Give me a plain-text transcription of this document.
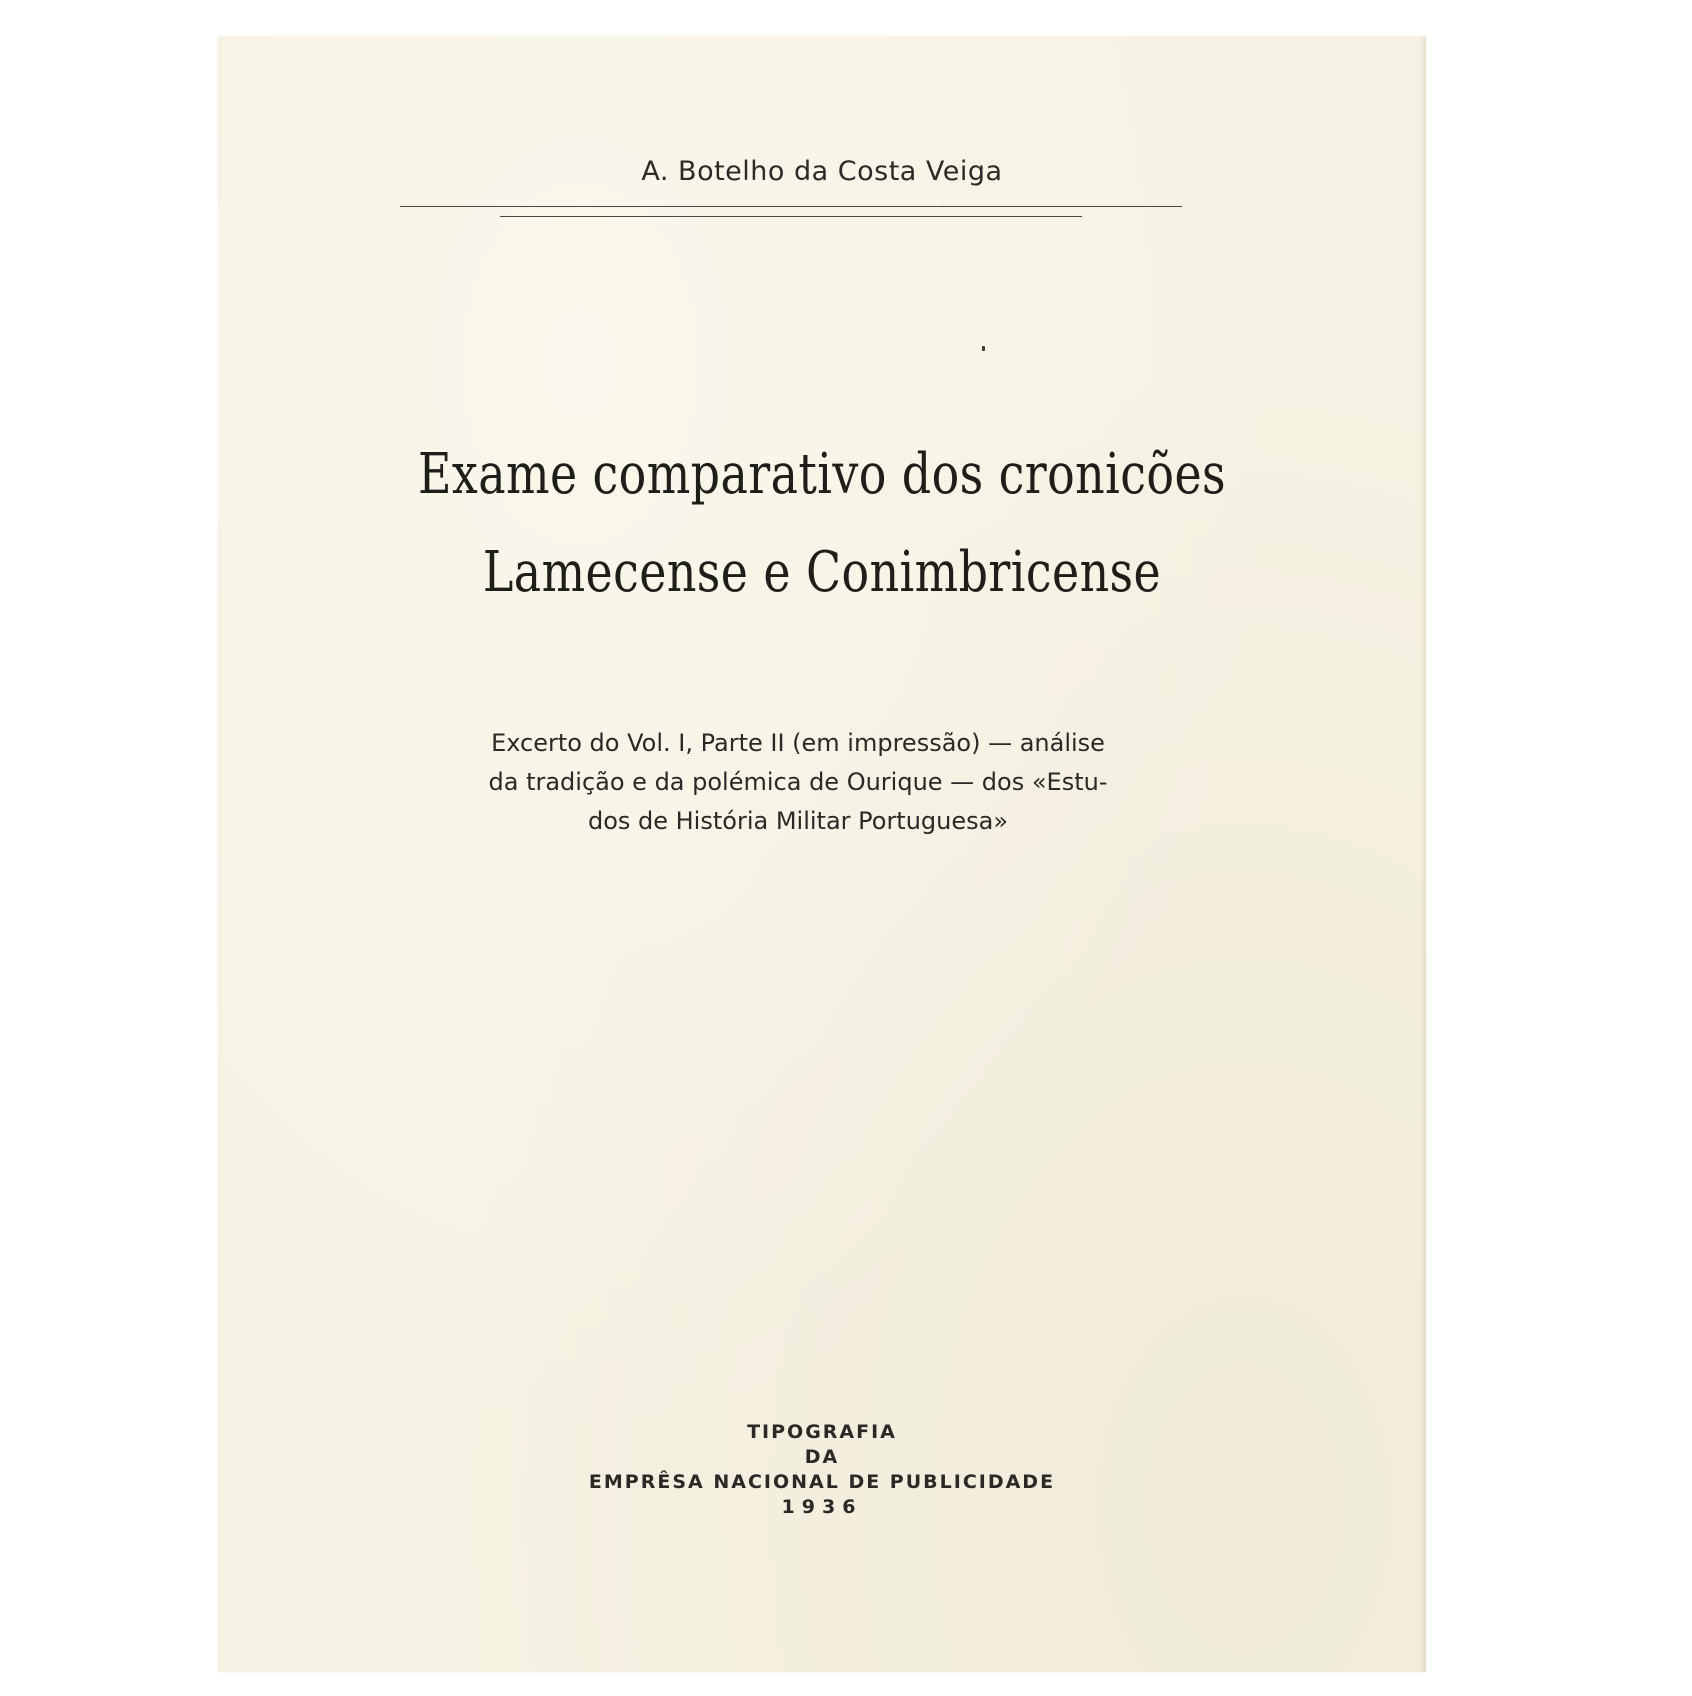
A. Botelho da Costa Veiga
Exame comparativo dos cronicões
Lamecense e Conimbricense
Excerto do Vol. I, Parte II (em impressão) — análise
da tradição e da polémica de Ourique — dos «Estu-
dos de História Militar Portuguesa»
TIPOGRAFIA
DA
EMPRÊSA NACIONAL DE PUBLICIDADE
1936
